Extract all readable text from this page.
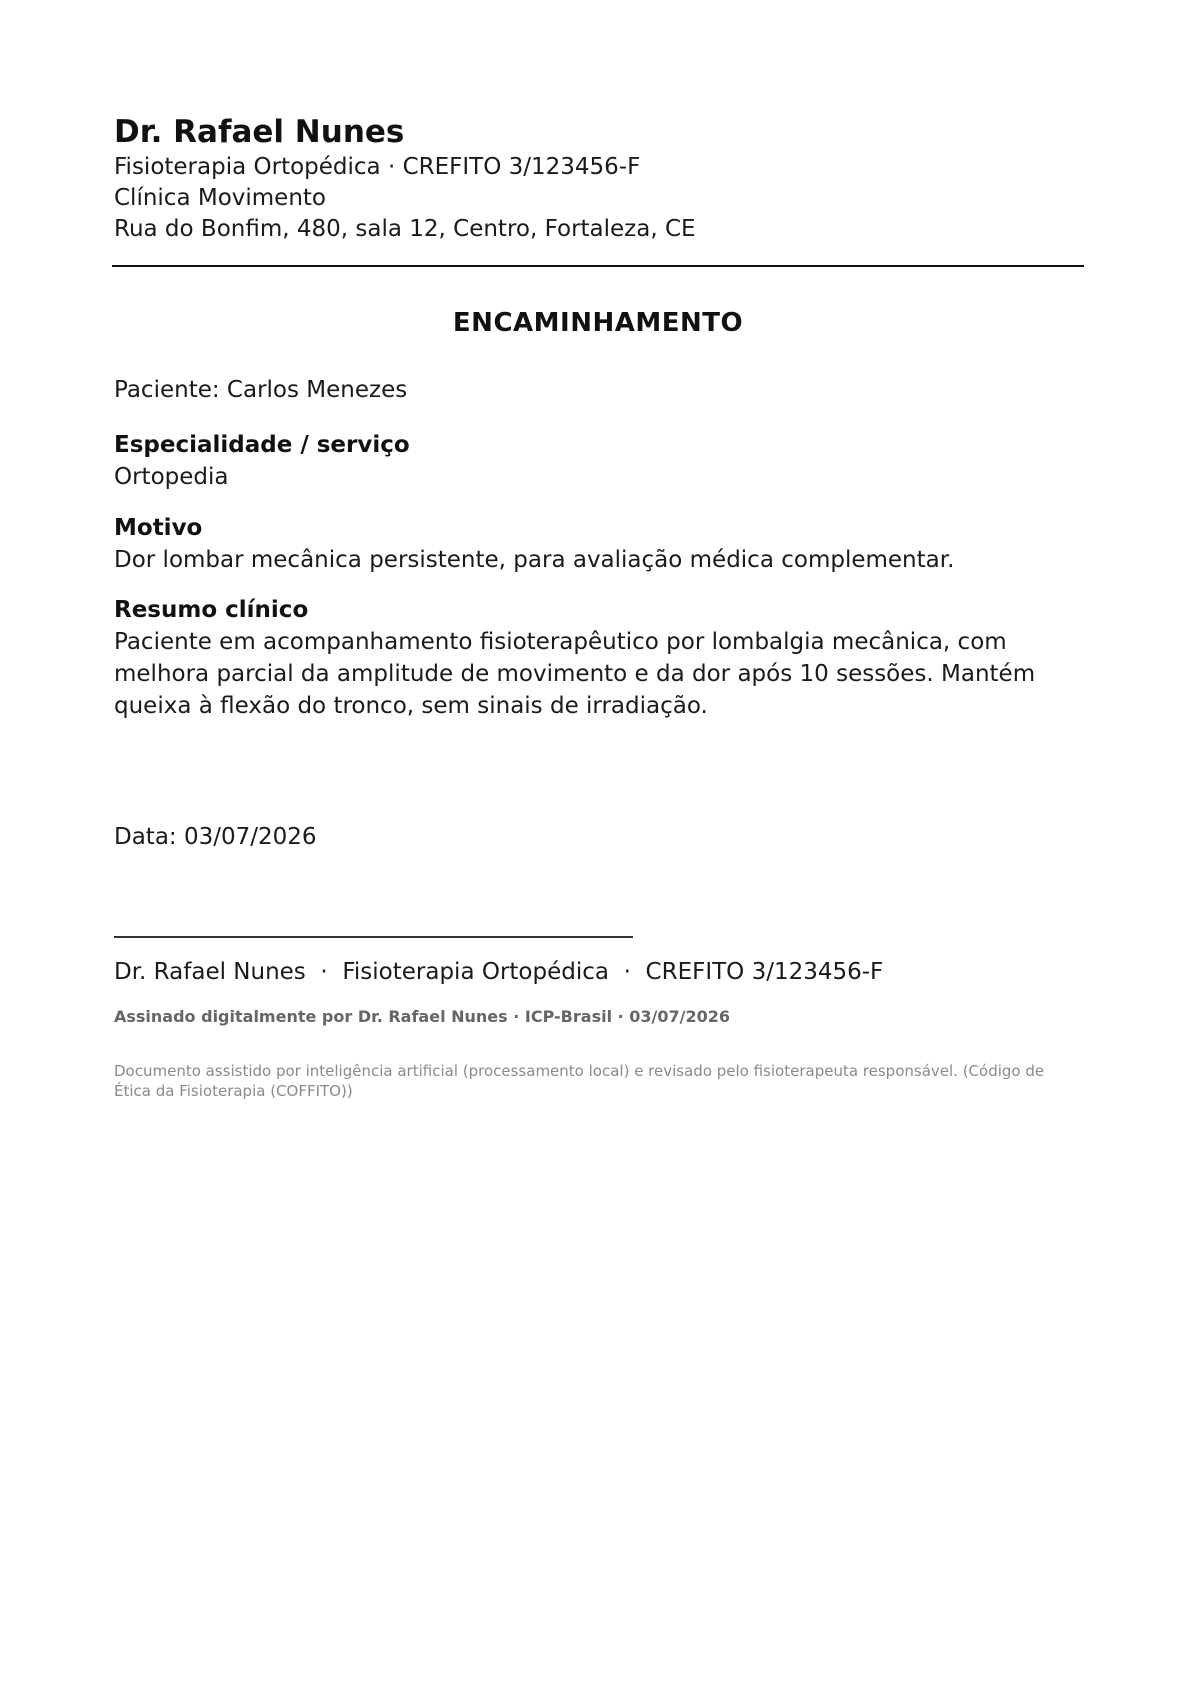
Dr. Rafael Nunes
Fisioterapia Ortopédica · CREFITO 3/123456-F
Clínica Movimento
Rua do Bonfim, 480, sala 12, Centro, Fortaleza, CE
ENCAMINHAMENTO
Paciente: Carlos Menezes
Especialidade / serviço
Ortopedia
Motivo
Dor lombar mecânica persistente, para avaliação médica complementar.
Resumo clínico
Paciente em acompanhamento fisioterapêutico por lombalgia mecânica, com melhora parcial da amplitude de movimento e da dor após 10 sessões. Mantém queixa à flexão do tronco, sem sinais de irradiação.
Data: 03/07/2026
Dr. Rafael Nunes  ·  Fisioterapia Ortopédica  ·  CREFITO 3/123456-F
Assinado digitalmente por Dr. Rafael Nunes · ICP-Brasil · 03/07/2026
Documento assistido por inteligência artificial (processamento local) e revisado pelo fisioterapeuta responsável. (Código de Ética da Fisioterapia (COFFITO))
